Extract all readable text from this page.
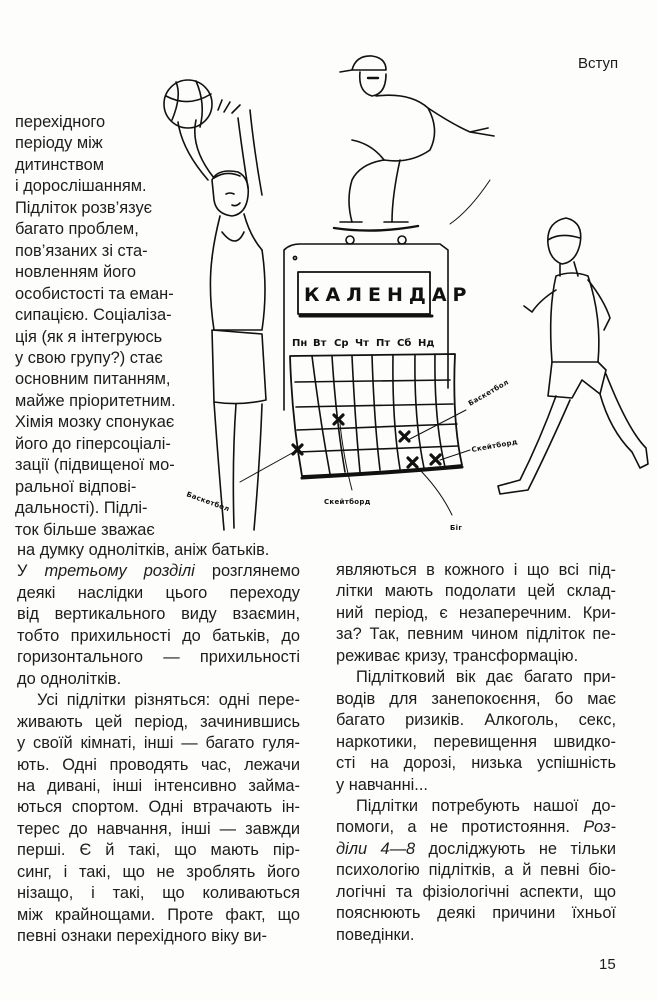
Вступ
КАЛЕНДАР
Пн Вт Ср Чт Пт Сб Нд
Баскетбол	Скейтборд
Біг
Баскетбол
Скейтборд
перехідного
періоду між
дитинством
і дорослішанням.
Підліток розв’язує
багато проблем,
пов’язаних зі ста-
новленням його
особистості та еман-
сипацією. Соціаліза-
ція (як я інтегруюсь
у свою групу?) стає
основним питанням,
майже пріоритетним.
Хімія мозку спонукає
його до гіперсоціалі-
зації (підвищеної мо-
ральної відпові-
дальності). Підлі-
ток більше зважає
на думку однолітків, аніж батьків.
У третьому розділі розглянемо
деякі наслідки цього переходу
від вертикального виду взаємин,
тобто прихильності до батьків, до
горизонтального — прихильності
до однолітків.
Усі підлітки різняться: одні пере-
живають цей період, зачинившись
у своїй кімнаті, інші — багато гуля-
ють. Одні проводять час, лежачи
на дивані, інші інтенсивно займа-
ються спортом. Одні втрачають ін-
терес до навчання, інші — завжди
перші. Є й такі, що мають пір-
синг, і такі, що не зроблять його
нізащо, і такі, що коливаються
між крайнощами. Проте факт, що
певні ознаки перехідного віку ви-
являються в кожного і що всі під-
літки мають подолати цей склад-
ний період, є незаперечним. Кри-
за? Так, певним чином підліток пе-
реживає кризу, трансформацію.
Підлітковий вік дає багато при-
водів для занепокоєння, бо має
багато ризиків. Алкоголь, секс,
наркотики, перевищення швидко-
сті на дорозі, низька успішність
у навчанні...
Підлітки потребують нашої до-
помоги, а не протистояння. Роз-
діли 4—8 досліджують не тільки
психологію підлітків, а й певні біо-
логічні та фізіологічні аспекти, що
пояснюють деякі причини їхньої
поведінки.
15
